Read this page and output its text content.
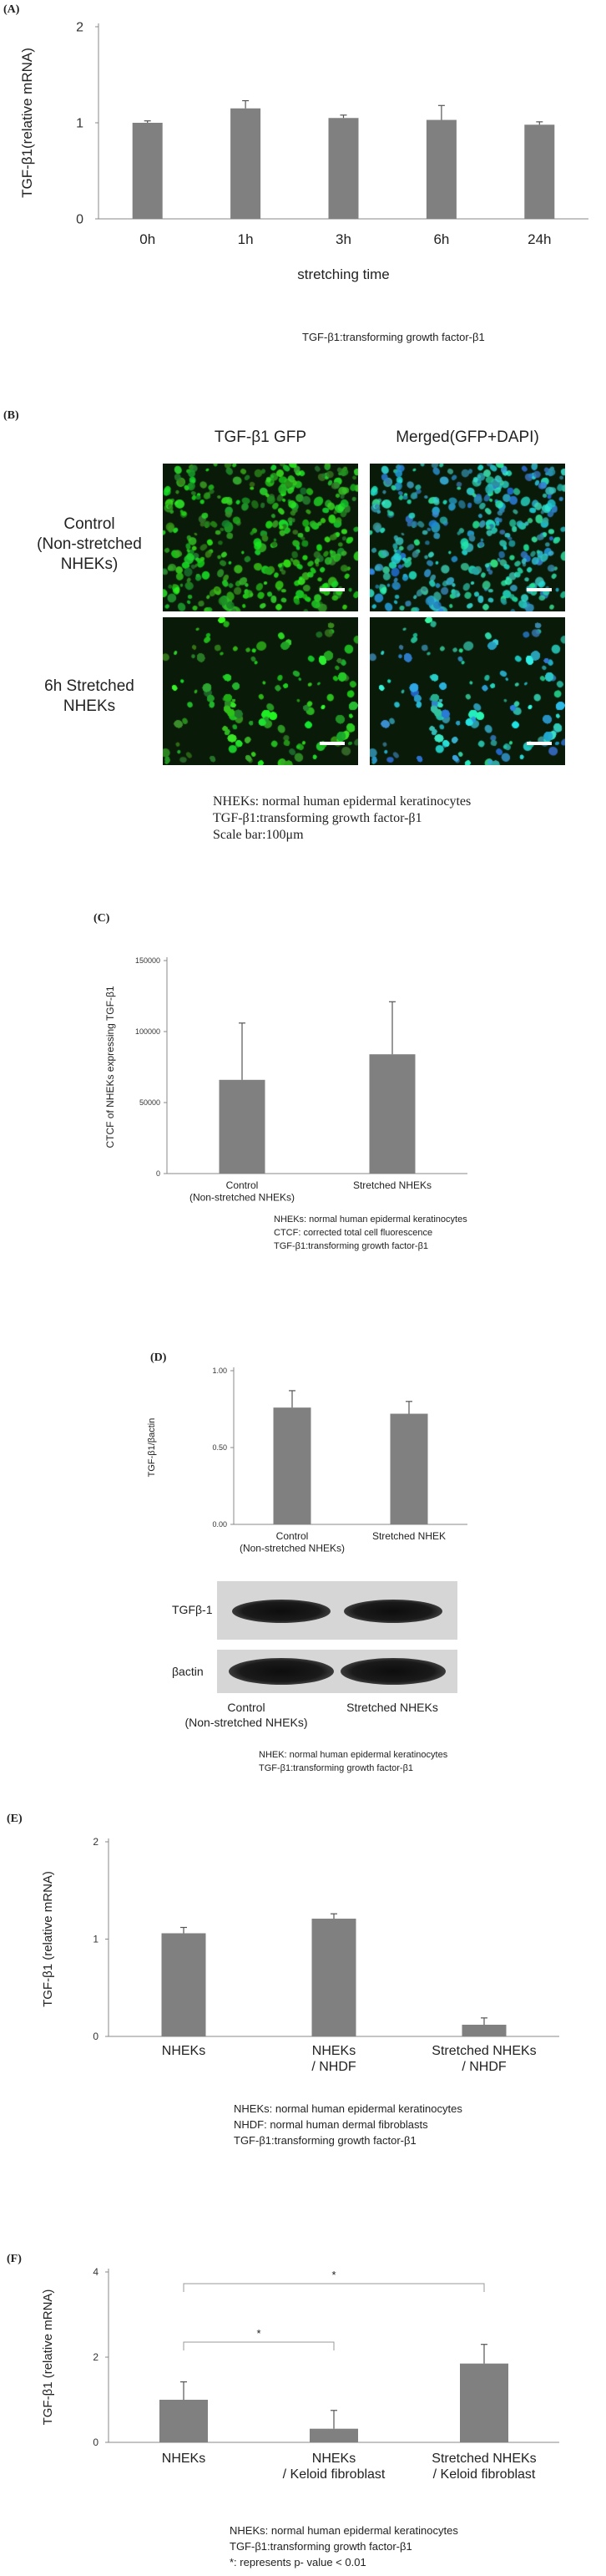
(A)
0
1
2
0h	1h	3h	6h	24h
stretching time
TGF-β1(relative mRNA)
TGF-β1:transforming growth factor-β1
(B)
TGF-β1 GFP	Merged(GFP+DAPI)
Control
(Non-stretched
NHEKs)
6h Stretched
NHEKs
NHEKs: normal human epidermal keratinocytes
TGF-β1:transforming growth factor-β1
Scale bar:100μm
(C)
0
50000
100000
150000
Control (Non-stretched NHEKs)
Stretched NHEKs
CTCF of NHEKs expressing TGF-β1
NHEKs: normal human epidermal keratinocytes
CTCF: corrected total cell fluorescence
TGF-β1:transforming growth factor-β1
(D)
0.00
0.50
1.00
Control (Non-stretched NHEKs)
Stretched NHEK
TGF-β1/βactin
TGFβ-1
βactin
Control
(Non-stretched NHEKs)
Stretched NHEKs
NHEK: normal human epidermal keratinocytes
TGF-β1:transforming growth factor-β1
(E)
0
1
2
NHEKs	NHEKs / NHDF
Stretched NHEKs / NHDF
TGF-β1 (relative mRNA)
NHEKs: normal human epidermal keratinocytes
NHDF: normal human dermal fibroblasts
TGF-β1:transforming growth factor-β1
(F)
0
2
4
NHEKs	NHEKs / Keloid fibroblast
Stretched NHEKs / Keloid fibroblast
TGF-β1 (relative mRNA)	*
*
NHEKs: normal human epidermal keratinocytes
TGF-β1:transforming growth factor-β1
*: represents p- value < 0.01
